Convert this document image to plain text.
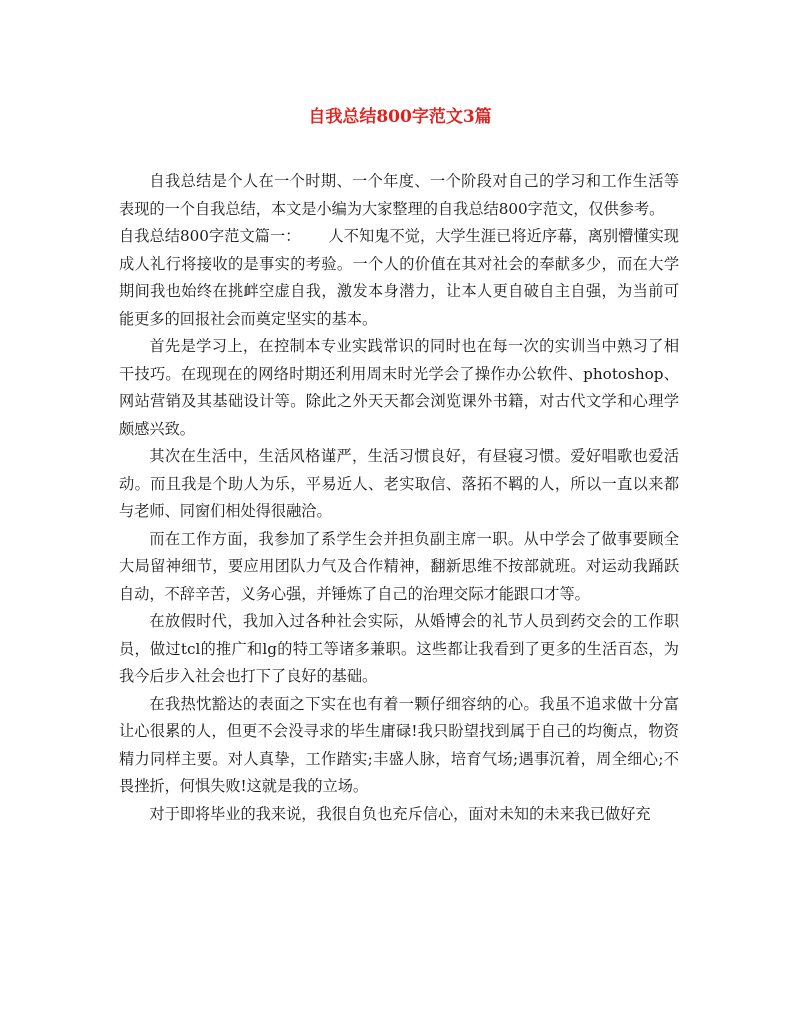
自我总结800字范文3篇

自我总结是个人在一个时期、一个年度、一个阶段对自己的学习和工作生活等表现的一个自我总结，本文是小编为大家整理的自我总结800字范文，仅供参考。

自我总结800字范文篇一： 人不知鬼不觉，大学生涯已将近序幕，离别懵懂实现成人礼行将接收的是事实的考验。一个人的价值在其对社会的奉献多少，而在大学期间我也始终在挑衅空虚自我，激发本身潜力，让本人更自破自主自强，为当前可能更多的回报社会而奠定坚实的基本。

首先是学习上，在控制本专业实践常识的同时也在每一次的实训当中熟习了相干技巧。在现现在的网络时期还利用周末时光学会了操作办公软件、photoshop、网站营销及其基础设计等。除此之外天天都会浏览课外书籍，对古代文学和心理学颇感兴致。

其次在生活中，生活风格谨严，生活习惯良好，有昼寝习惯。爱好唱歌也爱活动。而且我是个助人为乐，平易近人、老实取信、落拓不羁的人，所以一直以来都与老师、同窗们相处得很融洽。

而在工作方面，我参加了系学生会并担负副主席一职。从中学会了做事要顾全大局留神细节，要应用团队力气及合作精神，翻新思维不按部就班。对运动我踊跃自动，不辞辛苦，义务心强，并锤炼了自己的治理交际才能跟口才等。

在放假时代，我加入过各种社会实际，从婚博会的礼节人员到药交会的工作职员，做过tcl的推广和lg的特工等诸多兼职。这些都让我看到了更多的生活百态，为我今后步入社会也打下了良好的基础。

在我热忱豁达的表面之下实在也有着一颗仔细容纳的心。我虽不追求做十分富让心很累的人，但更不会没寻求的毕生庸碌!我只盼望找到属于自己的均衡点，物资精力同样主要。对人真挚，工作踏实;丰盛人脉，培育气场;遇事沉着，周全细心;不畏挫折，何惧失败!这就是我的立场。

对于即将毕业的我来说，我很自负也充斥信心，面对未知的未来我已做好充
